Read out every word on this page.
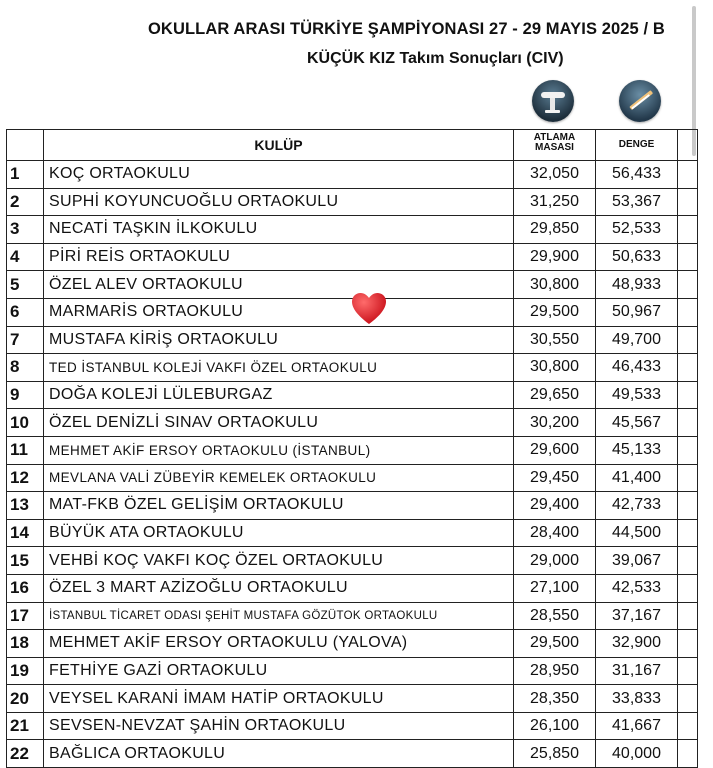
OKULLAR ARASI TÜRKİYE ŞAMPİYONASI 27 - 29 MAYIS 2025 / B
KÜÇÜK KIZ Takım Sonuçları (CIV)
	KULÜP	ATLAMA MASASI	DENGE	
1	KOÇ ORTAOKULU	32,050	56,433	
2	SUPHİ KOYUNCUOĞLU ORTAOKULU	31,250	53,367	
3	NECATİ TAŞKIN İLKOKULU	29,850	52,533	
4	PİRİ REİS ORTAOKULU	29,900	50,633	
5	ÖZEL ALEV ORTAOKULU	30,800	48,933	
6	MARMARİS ORTAOKULU	29,500	50,967	
7	MUSTAFA KİRİŞ ORTAOKULU	30,550	49,700	
8	TED İSTANBUL KOLEJİ VAKFI ÖZEL ORTAOKULU	30,800	46,433	
9	DOĞA KOLEJİ LÜLEBURGAZ	29,650	49,533	
10	ÖZEL DENİZLİ SINAV ORTAOKULU	30,200	45,567	
11	MEHMET AKİF ERSOY ORTAOKULU (İSTANBUL)	29,600	45,133	
12	MEVLANA VALİ ZÜBEYİR KEMELEK ORTAOKULU	29,450	41,400	
13	MAT-FKB ÖZEL GELİŞİM ORTAOKULU	29,400	42,733	
14	BÜYÜK ATA ORTAOKULU	28,400	44,500	
15	VEHBİ KOÇ VAKFI KOÇ ÖZEL ORTAOKULU	29,000	39,067	
16	ÖZEL 3 MART AZİZOĞLU ORTAOKULU	27,100	42,533	
17	İSTANBUL TİCARET ODASI ŞEHİT MUSTAFA GÖZÜTOK ORTAOKULU	28,550	37,167	
18	MEHMET AKİF ERSOY ORTAOKULU (YALOVA)	29,500	32,900	
19	FETHİYE GAZİ ORTAOKULU	28,950	31,167	
20	VEYSEL KARANİ İMAM HATİP ORTAOKULU	28,350	33,833	
21	SEVSEN-NEVZAT ŞAHİN ORTAOKULU	26,100	41,667	
22	BAĞLICA ORTAOKULU	25,850	40,000	
